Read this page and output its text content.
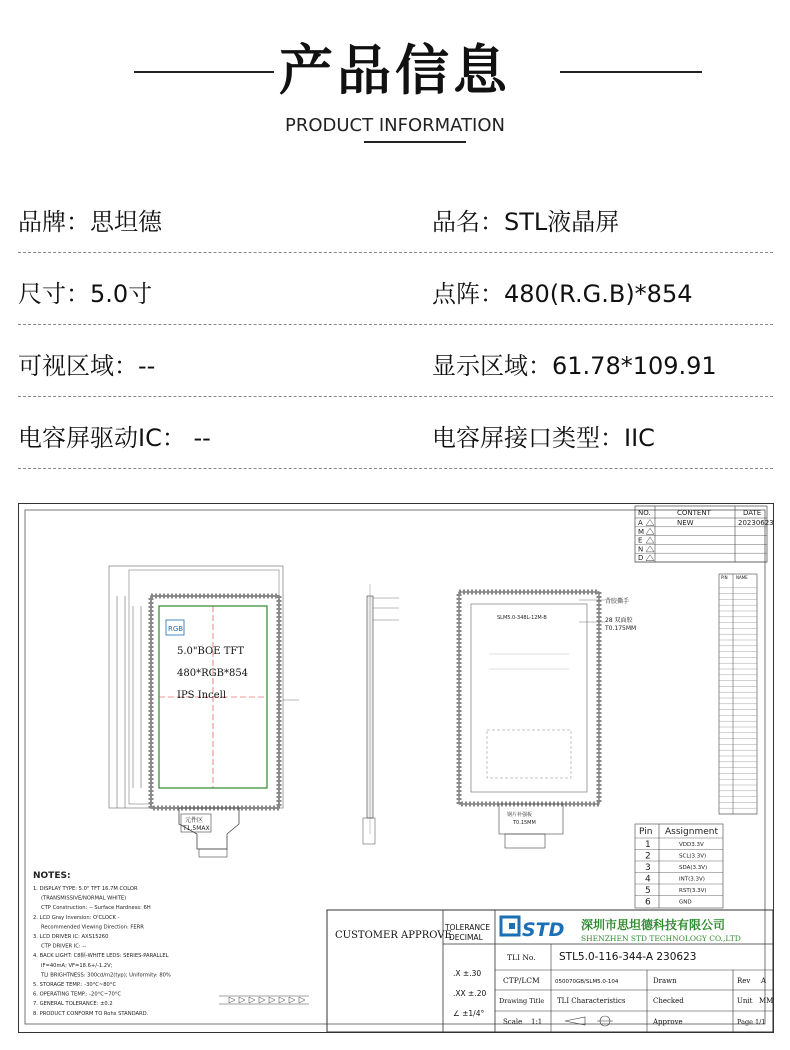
产品信息
PRODUCT INFORMATION
品牌：思坦德	品名：STL液晶屏
尺寸：5.0寸	点阵：480(R.G.B)*854
可视区域：--	显示区域：61.78*109.91
电容屏驱动IC： --	电容屏接口类型：IIC
NO.	CONTENT	DATE
A	NEW	20230623
M
E
N
D
RGB
5.0"BOE TFT
480*RGB*854
IPS Incell
元件区
T1.5MAX
SLM5.0-348L-12M-B
背胶撕手
28 双面胶
T0.175MM
钢片补强板
T0.15MM
PIN NAME
Pin Assignment
1	VDD3.3V
2	SCL(3.3V)
3	SDA(3.3V)
4	INT(3.3V)
5	RST(3.3V)
6	GND
NOTES:
1. DISPLAY TYPE: 5.0" TFT 16.7M COLOR
(TRANSMISSIVE/NORMAL WHITE)
CTP Construction: -- Surface Hardness: 6H
2. LCD Gray Inversion: O'CLOCK -
Recommended Viewing Direction: FERR
3. LCD DRIVER IC: AXS15260
CTP DRIVER IC: --
4. BACK LIGHT: C8颗-WHITE LEDS: SERIES-PARALLEL
IF=40mA; VF=18.6+/-1.2V;
TLI BRIGHTNESS: 300cd/m2(typ); Uniformity: 80%
5. STORAGE TEMP.: -30°C~80°C
6. OPERATING TEMP.: -20°C~70°C
7. GENERAL TOLERANCE: ±0.2
8. PRODUCT CONFORM TO Rohs STANDARD.
CUSTOMER APPROVE
TOLERANCE
DECIMAL
.X ±.30
.XX ±.20
∠ ±1/4°
STD 深圳市思坦德科技有限公司
SHENZHEN STD TECHNOLOGY CO.,LTD
TLI No. STL5.0-116-344-A 230623
CTP/LCM	050070GB/SLM5.0-104	Drawn	Rev A
Drawing Title TLI Characteristics	Checked	Unit MM
Scale 1:1	Approve	Page 1/1
